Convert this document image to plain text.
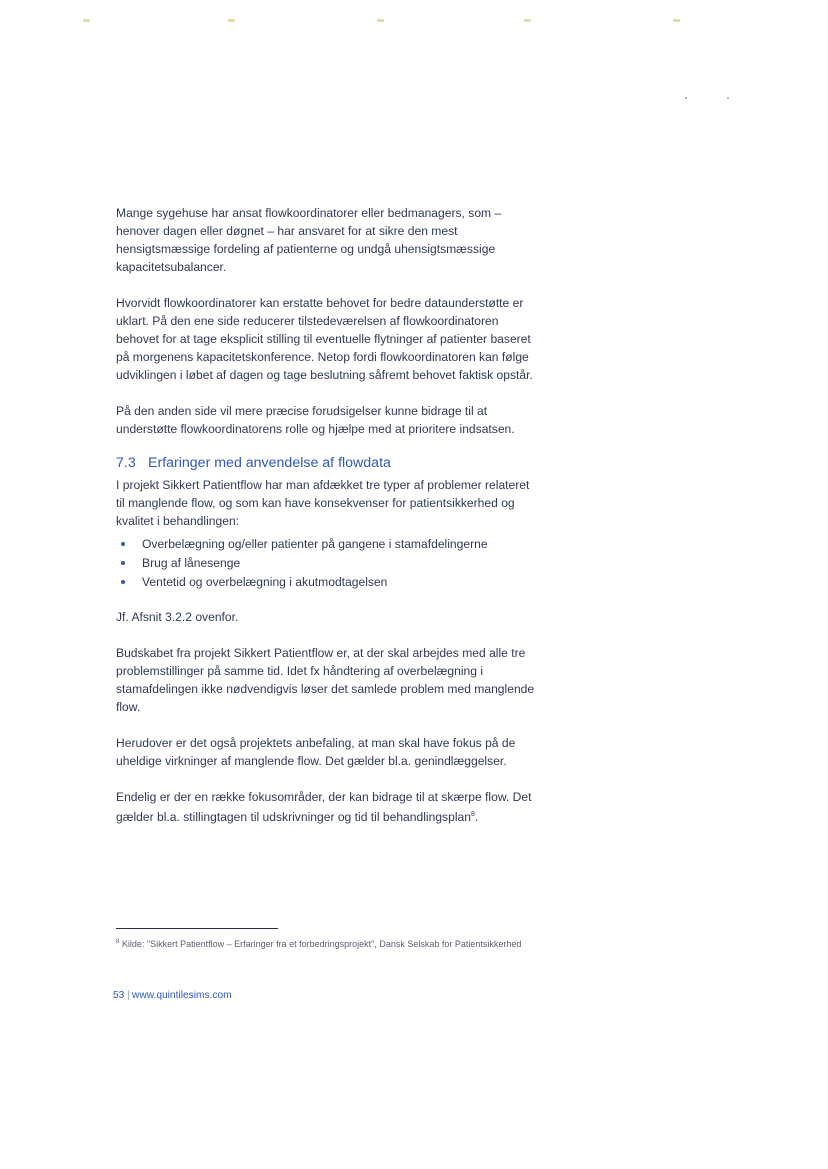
Mange sygehuse har ansat flowkoordinatorer eller bedmanagers, som – henover dagen eller døgnet – har ansvaret for at sikre den mest hensigtsmæssige fordeling af patienterne og undgå uhensigtsmæssige kapacitetsubalancer.

Hvorvidt flowkoordinatorer kan erstatte behovet for bedre dataunderstøtte er uklart. På den ene side reducerer tilstedeværelsen af flowkoordinatoren behovet for at tage eksplicit stilling til eventuelle flytninger af patienter baseret på morgenens kapacitetskonference. Netop fordi flowkoordinatoren kan følge udviklingen i løbet af dagen og tage beslutning såfremt behovet faktisk opstår.

På den anden side vil mere præcise forudsigelser kunne bidrage til at understøtte flowkoordinatorens rolle og hjælpe med at prioritere indsatsen.

7.3 Erfaringer med anvendelse af flowdata

I projekt Sikkert Patientflow har man afdækket tre typer af problemer relateret til manglende flow, og som kan have konsekvenser for patientsikkerhed og kvalitet i behandlingen:

Overbelægning og/eller patienter på gangene i stamafdelingerne
Brug af lånesenge
Ventetid og overbelægning i akutmodtagelsen

Jf. Afsnit 3.2.2 ovenfor.

Budskabet fra projekt Sikkert Patientflow er, at der skal arbejdes med alle tre problemstillinger på samme tid. Idet fx håndtering af overbelægning i stamafdelingen ikke nødvendigvis løser det samlede problem med manglende flow.

Herudover er det også projektets anbefaling, at man skal have fokus på de uheldige virkninger af manglende flow. Det gælder bl.a. genindlæggelser.

Endelig er der en række fokusområder, der kan bidrage til at skærpe flow. Det gælder bl.a. stillingtagen til udskrivninger og tid til behandlingsplan$^8$.

$^8$ Kilde: "Sikkert Patientflow – Erfaringer fra et forbedringsprojekt", Dansk Selskab for Patientsikkerhed
53 | www.quintilesims.com
